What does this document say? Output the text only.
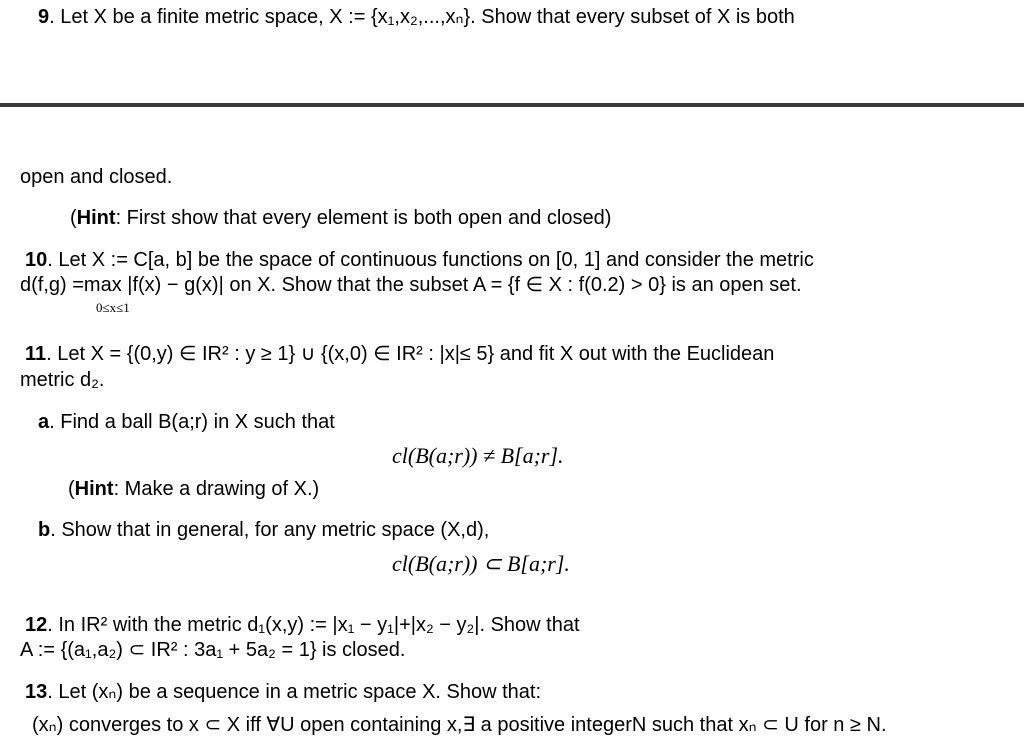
9. Let X be a finite metric space, X := {x₁,x₂,...,xₙ}. Show that every subset of X is both
open and closed.
(Hint: First show that every element is both open and closed)
10. Let X := C[a, b] be the space of continuous functions on [0, 1] and consider the metric
d(f,g) =max |f(x) − g(x)| on X. Show that the subset A = {f ∈ X : f(0.2) > 0} is an open set.
0≤x≤1
11. Let X = {(0,y) ∈ IR² : y ≥ 1} ∪ {(x,0) ∈ IR² : |x|≤ 5} and fit X out with the Euclidean
metric d₂.
a. Find a ball B(a;r) in X such that
cl(B(a;r)) ≠ B[a;r].
(Hint: Make a drawing of X.)
b. Show that in general, for any metric space (X,d),
cl(B(a;r)) ⊂ B[a;r].
12. In IR² with the metric d₁(x,y) := |x₁ − y₁|+|x₂ − y₂|. Show that
A := {(a₁,a₂) ⊂ IR² : 3a₁ + 5a₂ = 1} is closed.
13. Let (xₙ) be a sequence in a metric space X. Show that:
(xₙ) converges to x ⊂ X iff ∀U open containing x,∃ a positive integerN such that xₙ ⊂ U for n ≥ N.
